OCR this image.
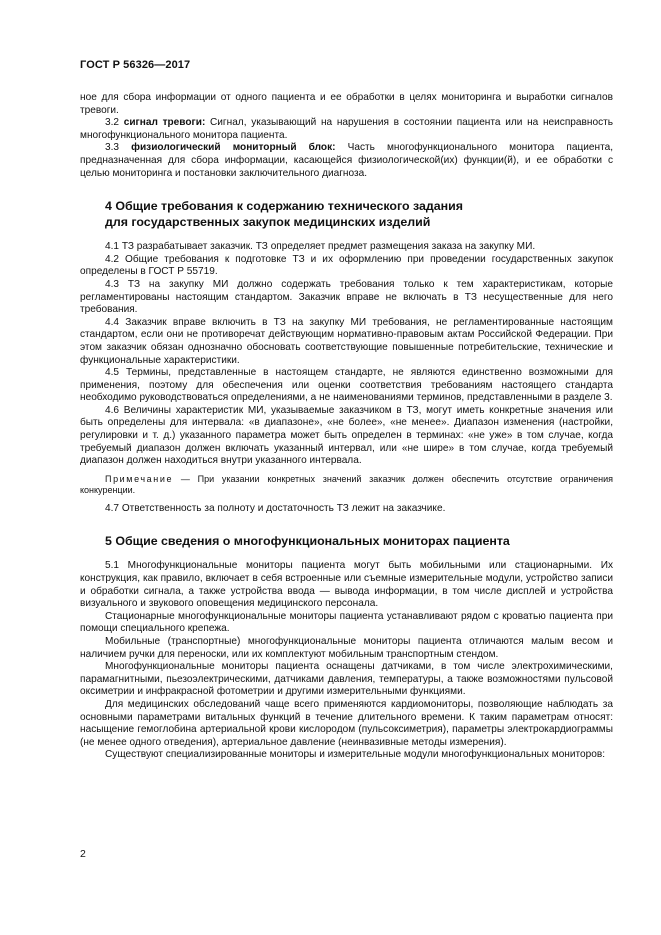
ГОСТ Р 56326—2017

ное для сбора информации от одного пациента и ее обработки в целях мониторинга и выработки сигналов тревоги.

3.2 сигнал тревоги: Сигнал, указывающий на нарушения в состоянии пациента или на неисправность многофункционального монитора пациента.

3.3 физиологический мониторный блок: Часть многофункционального монитора пациента, предназначенная для сбора информации, касающейся физиологической(их) функции(й), и ее обработки с целью мониторинга и постановки заключительного диагноза.

4 Общие требования к содержанию технического задания
для государственных закупок медицинских изделий

4.1 ТЗ разрабатывает заказчик. ТЗ определяет предмет размещения заказа на закупку МИ.

4.2 Общие требования к подготовке ТЗ и их оформлению при проведении государственных закупок определены в ГОСТ Р 55719.

4.3 ТЗ на закупку МИ должно содержать требования только к тем характеристикам, которые регламентированы настоящим стандартом. Заказчик вправе не включать в ТЗ несущественные для него требования.

4.4 Заказчик вправе включить в ТЗ на закупку МИ требования, не регламентированные настоящим стандартом, если они не противоречат действующим нормативно-правовым актам Российской Федерации. При этом заказчик обязан однозначно обосновать соответствующие повышенные потребительские, технические и функциональные характеристики.

4.5 Термины, представленные в настоящем стандарте, не являются единственно возможными для применения, поэтому для обеспечения или оценки соответствия требованиям настоящего стандарта необходимо руководствоваться определениями, а не наименованиями терминов, представленными в разделе 3.

4.6 Величины характеристик МИ, указываемые заказчиком в ТЗ, могут иметь конкретные значения или быть определены для интервала: «в диапазоне», «не более», «не менее». Диапазон изменения (настройки, регулировки и т. д.) указанного параметра может быть определен в терминах: «не уже» в том случае, когда требуемый диапазон должен включать указанный интервал, или «не шире» в том случае, когда требуемый диапазон должен находиться внутри указанного интервала.

Примечание — При указании конкретных значений заказчик должен обеспечить отсутствие ограничения конкуренции.

4.7 Ответственность за полноту и достаточность ТЗ лежит на заказчике.

5 Общие сведения о многофункциональных мониторах пациента

5.1 Многофункциональные мониторы пациента могут быть мобильными или стационарными. Их конструкция, как правило, включает в себя встроенные или съемные измерительные модули, устройство записи и обработки сигнала, а также устройства ввода — вывода информации, в том числе дисплей и устройства визуального и звукового оповещения медицинского персонала.

Стационарные многофункциональные мониторы пациента устанавливают рядом с кроватью пациента при помощи специального крепежа.

Мобильные (транспортные) многофункциональные мониторы пациента отличаются малым весом и наличием ручки для переноски, или их комплектуют мобильным транспортным стендом.

Многофункциональные мониторы пациента оснащены датчиками, в том числе электрохимическими, парамагнитными, пьезоэлектрическими, датчиками давления, температуры, а также возможностями пульсовой оксиметрии и инфракрасной фотометрии и другими измерительными функциями.

Для медицинских обследований чаще всего применяются кардиомониторы, позволяющие наблюдать за основными параметрами витальных функций в течение длительного времени. К таким параметрам относят: насыщение гемоглобина артериальной крови кислородом (пульсоксиметрия), параметры электрокардиограммы (не менее одного отведения), артериальное давление (неинвазивные методы измерения).

Существуют специализированные мониторы и измерительные модули многофункциональных мониторов:

2
